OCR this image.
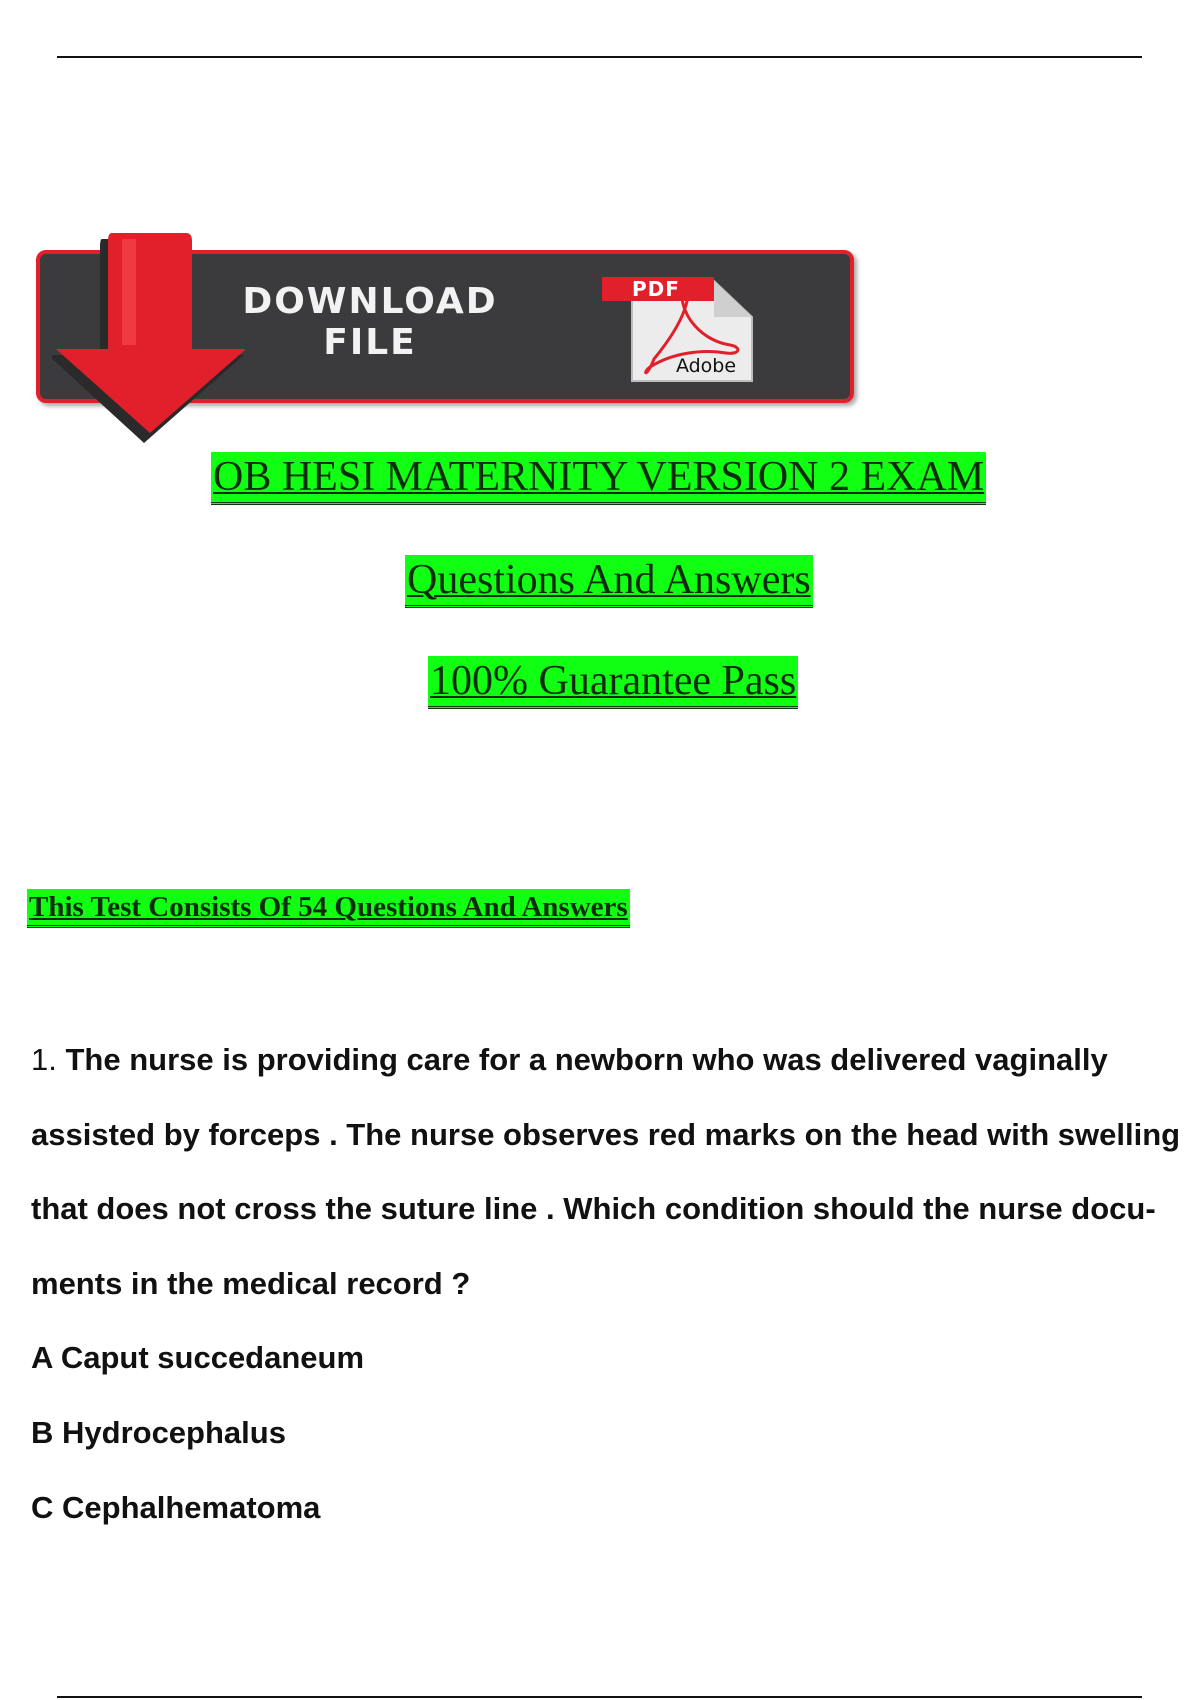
DOWNLOAD
FILE
PDF
Adobe
OB HESI MATERNITY VERSION 2 EXAM
Questions And Answers
100% Guarantee Pass
This Test Consists Of 54 Questions And Answers
1. The nurse is providing care for a newborn who was delivered vaginally
assisted by forceps . The nurse observes red marks on the head with swelling
that does not cross the suture line . Which condition should the nurse docu-
ments in the medical record ?
A Caput succedaneum
B Hydrocephalus
C Cephalhematoma
